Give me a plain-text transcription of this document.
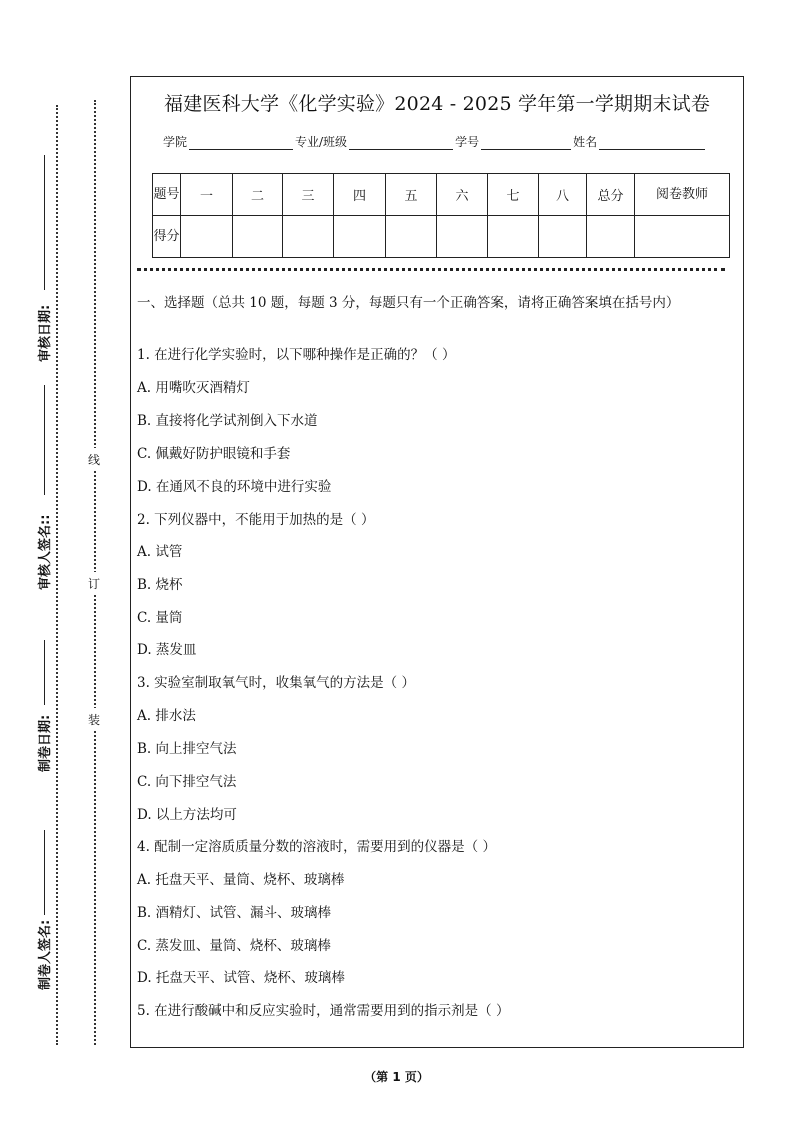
审核日期:
审核人签名::
制卷日期:
制卷人签名:
线
订
装
福建医科大学《化学实验》2024 - 2025 学年第一学期期末试卷
学院	专业/班级	学号	姓名
题号	一	二	三	四	五	六	七	八	总分	阅卷教师
得分										
一、选择题（总共 10 题，每题 3 分，每题只有一个正确答案，请将正确答案填在括号内）
1. 在进行化学实验时，以下哪种操作是正确的？（ ）
A. 用嘴吹灭酒精灯
B. 直接将化学试剂倒入下水道
C. 佩戴好防护眼镜和手套
D. 在通风不良的环境中进行实验
2. 下列仪器中，不能用于加热的是（ ）
A. 试管
B. 烧杯
C. 量筒
D. 蒸发皿
3. 实验室制取氧气时，收集氧气的方法是（ ）
A. 排水法
B. 向上排空气法
C. 向下排空气法
D. 以上方法均可
4. 配制一定溶质质量分数的溶液时，需要用到的仪器是（ ）
A. 托盘天平、量筒、烧杯、玻璃棒
B. 酒精灯、试管、漏斗、玻璃棒
C. 蒸发皿、量筒、烧杯、玻璃棒
D. 托盘天平、试管、烧杯、玻璃棒
5. 在进行酸碱中和反应实验时，通常需要用到的指示剂是（ ）
（第 1 页）
